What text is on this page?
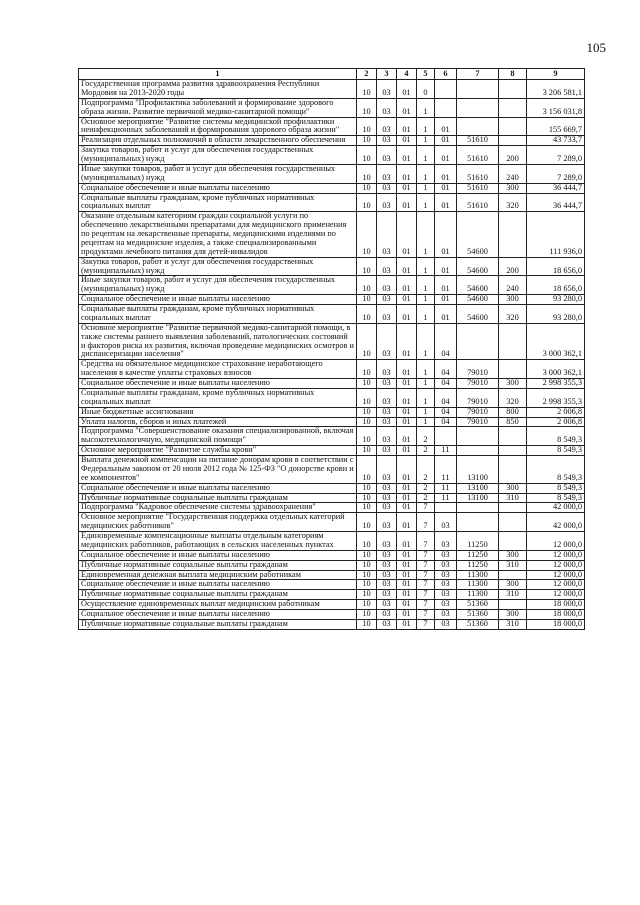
105
1	2	3	4	5	6	7	8	9
Государственная программа развития здравоохранения Республики Мордовия на 2013-2020 годы	10	03	01	0				3 206 581,1
Подпрограмма "Профилактика заболеваний и формирование здорового образа жизни. Развитие первичной медико-санитарной помощи"	10	03	01	1				3 156 031,8
Основное мероприятие "Развитие системы медицинской профилактики неинфекционных заболеваний и формирования здорового образа жизни"	10	03	01	1	01			155 669,7
Реализация отдельных полномочий в области лекарственного обеспечения	10	03	01	1	01	51610		43 733,7
Закупка товаров, работ и услуг для обеспечения государственных (муниципальных) нужд	10	03	01	1	01	51610	200	7 289,0
Иные закупки товаров, работ и услуг для обеспечения государственных (муниципальных) нужд	10	03	01	1	01	51610	240	7 289,0
Социальное обеспечение и иные выплаты населению	10	03	01	1	01	51610	300	36 444,7
Социальные выплаты гражданам, кроме публичных нормативных социальных выплат	10	03	01	1	01	51610	320	36 444,7
Оказание отдельным категориям граждан социальной услуги по обеспечению лекарственными препаратами для медицинского применения по рецептам на лекарственные препараты, медицинскими изделиями по рецептам на медицинские изделия, а также специализированными продуктами лечебного питания для детей-инвалидов	10	03	01	1	01	54600		111 936,0
Закупка товаров, работ и услуг для обеспечения государственных (муниципальных) нужд	10	03	01	1	01	54600	200	18 656,0
Иные закупки товаров, работ и услуг для обеспечения государственных (муниципальных) нужд	10	03	01	1	01	54600	240	18 656,0
Социальное обеспечение и иные выплаты населению	10	03	01	1	01	54600	300	93 280,0
Социальные выплаты гражданам, кроме публичных нормативных социальных выплат	10	03	01	1	01	54600	320	93 280,0
Основное мероприятие "Развитие первичной медико-санитарной помощи, в также системы раннего выявления заболеваний, патологических состояний и факторов риска их развития, включая проведение медицинских осмотров и диспансеризации населения"	10	03	01	1	04			3 000 362,1
Средства на обязательное медицинское страхование неработающего населения в качестве уплаты страховых взносов	10	03	01	1	04	79010		3 000 362,1
Социальное обеспечение и иные выплаты населению	10	03	01	1	04	79010	300	2 998 355,3
Социальные выплаты гражданам, кроме публичных нормативных социальных выплат	10	03	01	1	04	79010	320	2 998 355,3
Иные бюджетные ассигнования	10	03	01	1	04	79010	800	2 006,8
Уплата налогов, сборов и иных платежей	10	03	01	1	04	79010	850	2 006,8
Подпрограмма "Совершенствование оказания специализированной, включая высокотехнологичную, медицинской помощи"	10	03	01	2				8 549,3
Основное мероприятие "Развитие службы крови"	10	03	01	2	11			8 549,3
Выплата денежной компенсации на питание донорам крови в соответствии с Федеральным законом от 20 июля 2012 года № 125-ФЗ "О донорстве крови и ее компонентов"	10	03	01	2	11	13100		8 549,3
Социальное обеспечение и иные выплаты населению	10	03	01	2	11	13100	300	8 549,3
Публичные нормативные социальные выплаты гражданам	10	03	01	2	11	13100	310	8 549,3
Подпрограмма "Кадровое обеспечение системы здравоохранения"	10	03	01	7				42 000,0
Основное мероприятие "Государственная поддержка отдельных категорий медицинских работников"	10	03	01	7	03			42 000,0
Единовременные компенсационные выплаты отдельным категориям медицинских работников, работающих в сельских населенных пунктах	10	03	01	7	03	11250		12 000,0
Социальное обеспечение и иные выплаты населению	10	03	01	7	03	11250	300	12 000,0
Публичные нормативные социальные выплаты гражданам	10	03	01	7	03	11250	310	12 000,0
Единовременная денежная выплата медицинским работникам	10	03	01	7	03	11300		12 000,0
Социальное обеспечение и иные выплаты населению	10	03	01	7	03	11300	300	12 000,0
Публичные нормативные социальные выплаты гражданам	10	03	01	7	03	11300	310	12 000,0
Осуществление единовременных выплат медицинским работникам	10	03	01	7	03	51360		18 000,0
Социальное обеспечение и иные выплаты населению	10	03	01	7	03	51360	300	18 000,0
Публичные нормативные социальные выплаты гражданам	10	03	01	7	03	51360	310	18 000,0
